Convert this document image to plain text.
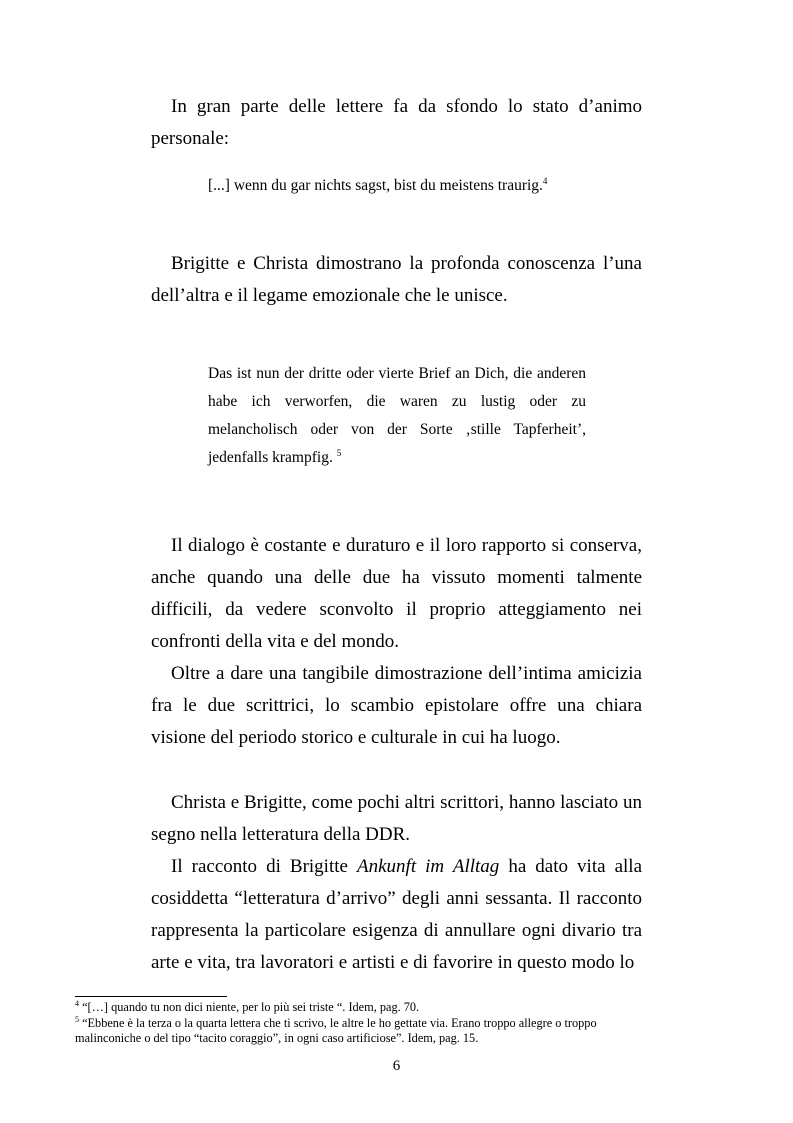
In gran parte delle lettere fa da sfondo lo stato d’animo personale:

[...] wenn du gar nichts sagst, bist du meistens traurig.$^4$

Brigitte e Christa dimostrano la profonda conoscenza l’una dell’altra e il legame emozionale che le unisce.

Das ist nun der dritte oder vierte Brief an Dich, die anderen habe ich verworfen, die waren zu lustig oder zu melancholisch oder von der Sorte ‚stille Tapferheit’, jedenfalls krampfig. $^5$

Il dialogo è costante e duraturo e il loro rapporto si conserva, anche quando una delle due ha vissuto momenti talmente difficili, da vedere sconvolto il proprio atteggiamento nei confronti della vita e del mondo.

Oltre a dare una tangibile dimostrazione dell’intima amicizia fra le due scrittrici, lo scambio epistolare offre una chiara visione del periodo storico e culturale in cui ha luogo.

Christa e Brigitte, come pochi altri scrittori, hanno lasciato un segno nella letteratura della DDR.

Il racconto di Brigitte Ankunft im Alltag ha dato vita alla cosiddetta “letteratura d’arrivo” degli anni sessanta. Il racconto rappresenta la particolare esigenza di annullare ogni divario tra arte e vita, tra lavoratori e artisti e di favorire in questo modo lo

$^4$ “[…] quando tu non dici niente, per lo più sei triste “. Idem, pag. 70.

$^5$ “Ebbene è la terza o la quarta lettera che ti scrivo, le altre le ho gettate via. Erano troppo allegre o troppo malinconiche o del tipo “tacito coraggio”, in ogni caso artificiose”. Idem, pag. 15.

6
